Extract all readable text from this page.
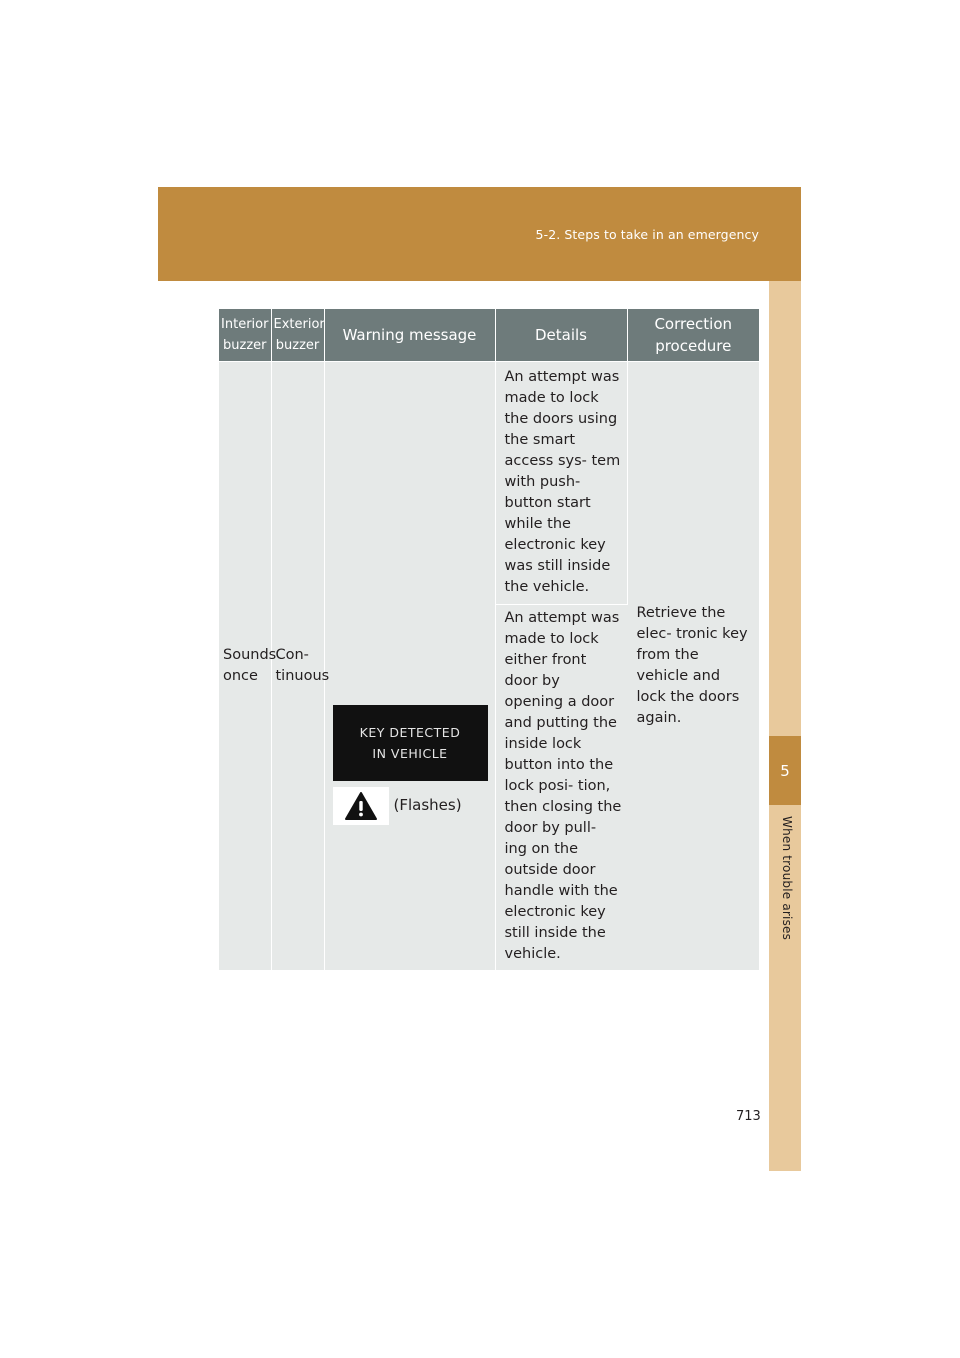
5-2. Steps to take in an emergency
5
When trouble arises
Interior buzzer	Exterior buzzer	Warning message	Details	Correction procedure
Sounds once	Con- tinuous	KEY DETECTED
IN VEHICLE
(Flashes)	An attempt was made to lock the doors using the smart access sys- tem with push- button start while the electronic key was still inside the vehicle.	Retrieve the elec- tronic key from the vehicle and lock the doors again.
			An attempt was made to lock either front door by opening a door and putting the inside lock button into the lock posi- tion, then closing the door by pull- ing on the outside door handle with the electronic key still inside the vehicle.	
713
